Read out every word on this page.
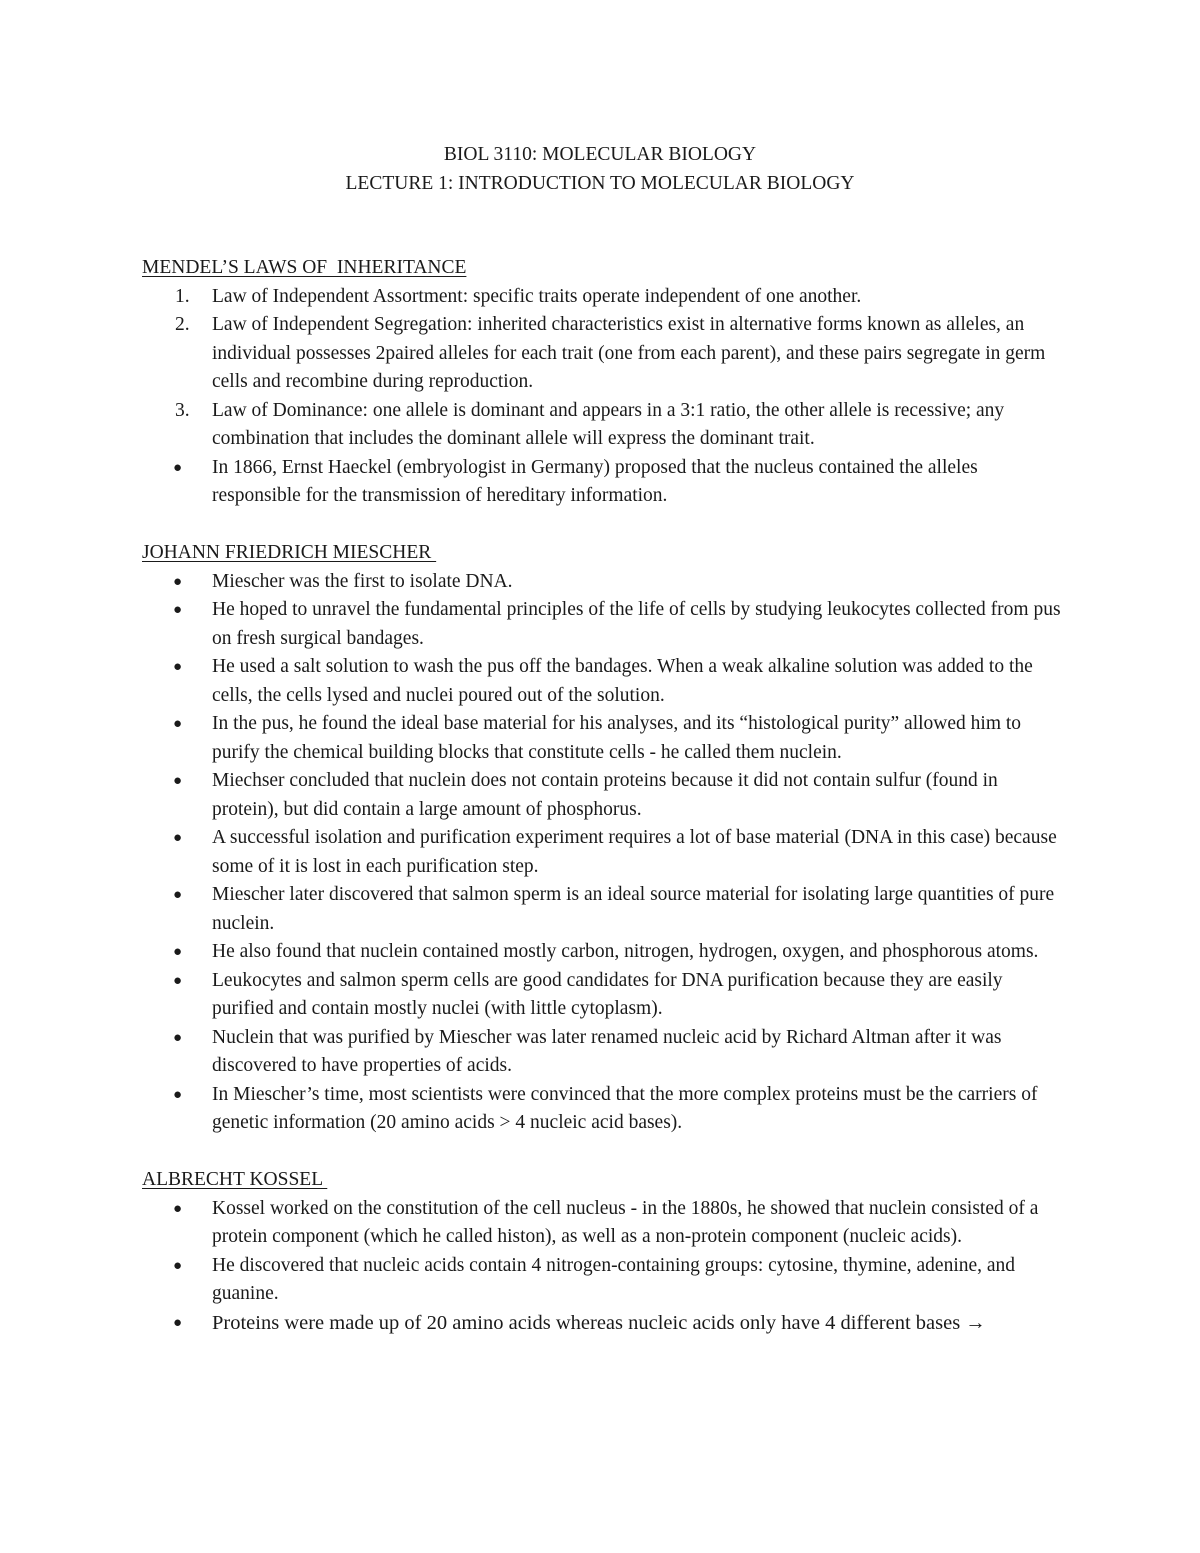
BIOL 3110: MOLECULAR BIOLOGY
LECTURE 1: INTRODUCTION TO MOLECULAR BIOLOGY
MENDEL’S LAWS OF  INHERITANCE
1.	Law of Independent Assortment: specific traits operate independent of one another.
2.	Law of Independent Segregation: inherited characteristics exist in alternative forms known as alleles, an individual possesses 2paired alleles for each trait (one from each parent), and these pairs segregate in germ cells and recombine during reproduction.
3.	Law of Dominance: one allele is dominant and appears in a 3:1 ratio, the other allele is recessive; any combination that includes the dominant allele will express the dominant trait.
●	In 1866, Ernst Haeckel (embryologist in Germany) proposed that the nucleus contained the alleles responsible for the transmission of hereditary information.
JOHANN FRIEDRICH MIESCHER
●	Miescher was the first to isolate DNA.
●	He hoped to unravel the fundamental principles of the life of cells by studying leukocytes collected from pus on fresh surgical bandages.
●	He used a salt solution to wash the pus off the bandages. When a weak alkaline solution was added to the cells, the cells lysed and nuclei poured out of the solution.
●	In the pus, he found the ideal base material for his analyses, and its “histological purity” allowed him to purify the chemical building blocks that constitute cells - he called them nuclein.
●	Miechser concluded that nuclein does not contain proteins because it did not contain sulfur (found in protein), but did contain a large amount of phosphorus.
●	A successful isolation and purification experiment requires a lot of base material (DNA in this case) because some of it is lost in each purification step.
●	Miescher later discovered that salmon sperm is an ideal source material for isolating large quantities of pure nuclein.
●	He also found that nuclein contained mostly carbon, nitrogen, hydrogen, oxygen, and phosphorous atoms.
●	Leukocytes and salmon sperm cells are good candidates for DNA purification because they are easily purified and contain mostly nuclei (with little cytoplasm).
●	Nuclein that was purified by Miescher was later renamed nucleic acid by Richard Altman after it was discovered to have properties of acids.
●	In Miescher’s time, most scientists were convinced that the more complex proteins must be the carriers of genetic information (20 amino acids > 4 nucleic acid bases).
ALBRECHT KOSSEL
●	Kossel worked on the constitution of the cell nucleus - in the 1880s, he showed that nuclein consisted of a protein component (which he called histon), as well as a non-protein component (nucleic acids).
●	He discovered that nucleic acids contain 4 nitrogen-containing groups: cytosine, thymine, adenine, and guanine.
●	Proteins were made up of 20 amino acids whereas nucleic acids only have 4 different bases →
